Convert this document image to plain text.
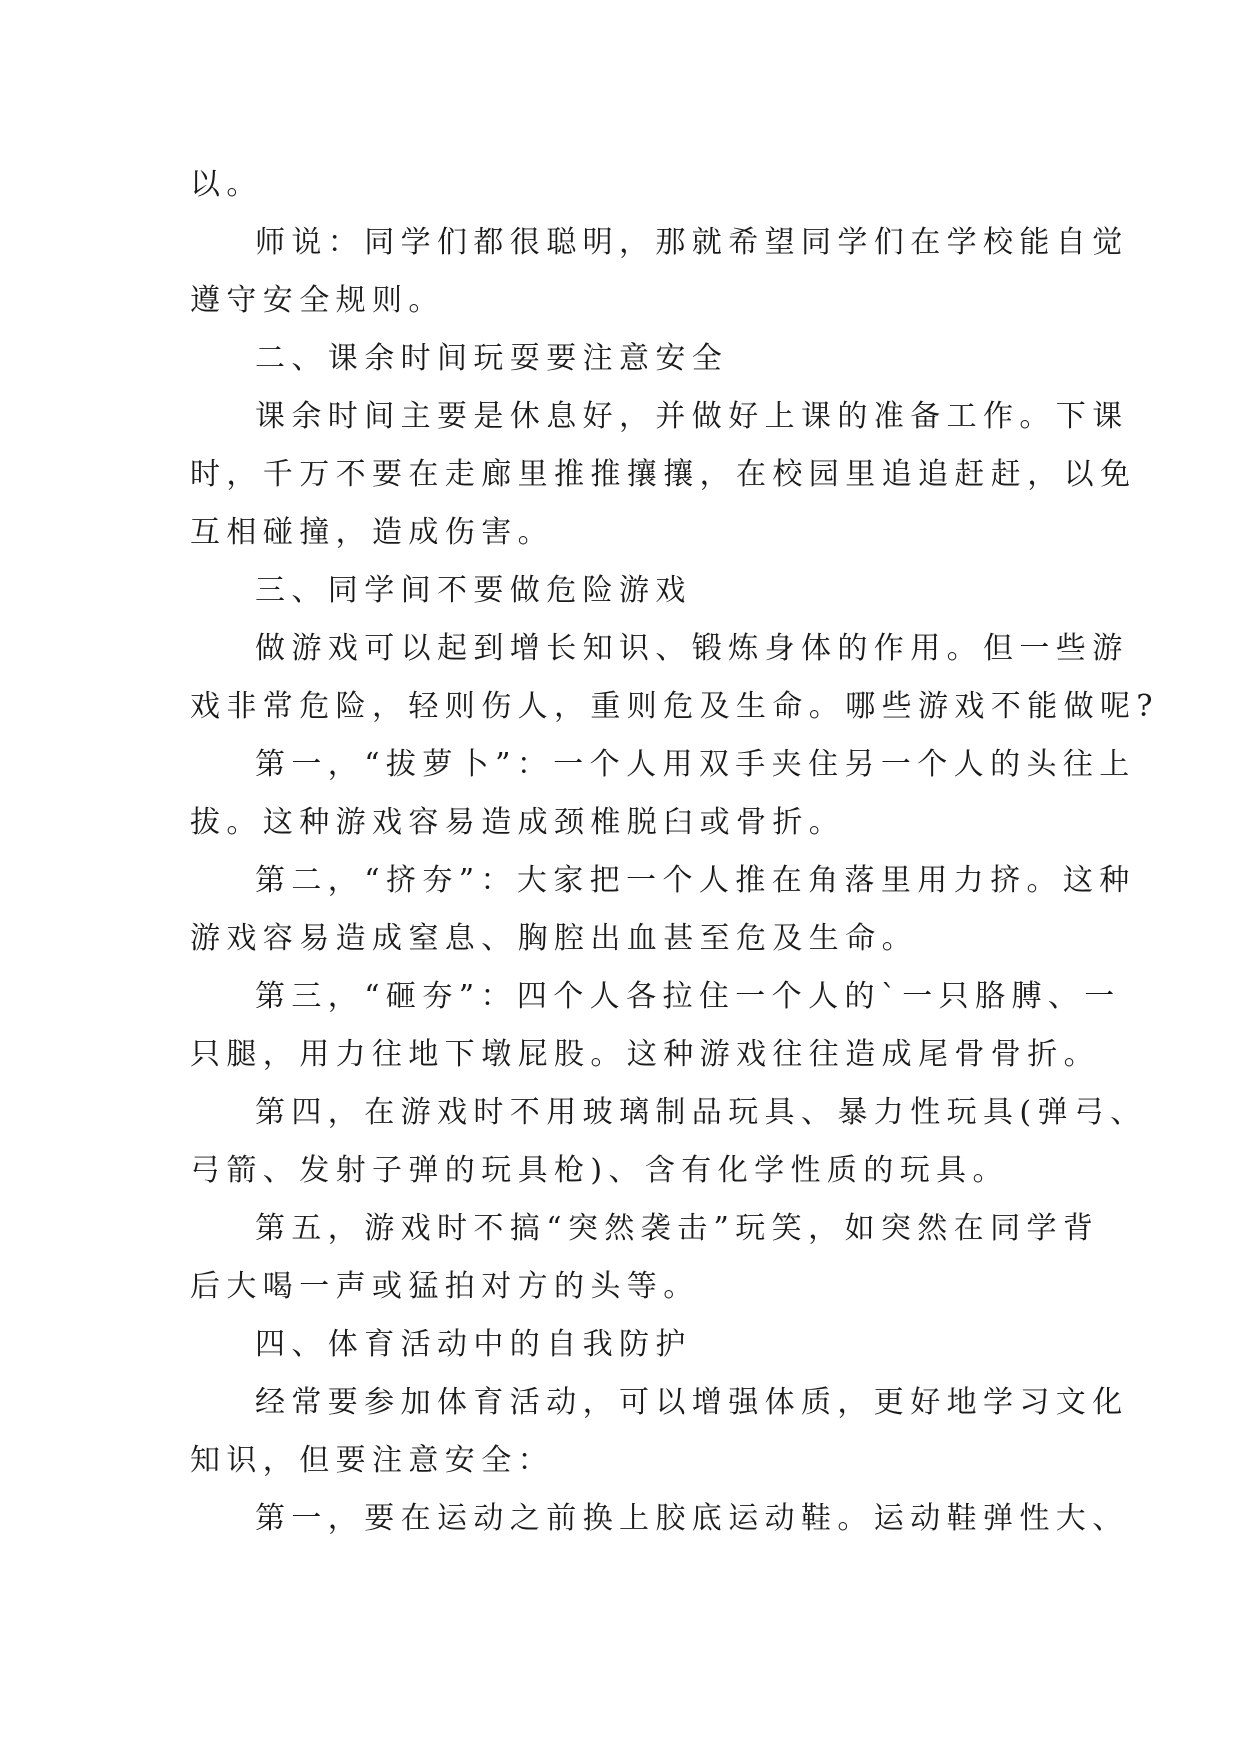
以。
师说：同学们都很聪明，那就希望同学们在学校能自觉
遵守安全规则。
二、课余时间玩耍要注意安全
课余时间主要是休息好，并做好上课的准备工作。下课
时，千万不要在走廊里推推攘攘，在校园里追追赶赶，以免
互相碰撞，造成伤害。
三、同学间不要做危险游戏
做游戏可以起到增长知识、锻炼身体的作用。但一些游
戏非常危险，轻则伤人，重则危及生命。哪些游戏不能做呢?
第一，“拔萝卜”：一个人用双手夹住另一个人的头往上
拔。这种游戏容易造成颈椎脱臼或骨折。
第二，“挤夯”：大家把一个人推在角落里用力挤。这种
游戏容易造成窒息、胸腔出血甚至危及生命。
第三，“砸夯”：四个人各拉住一个人的`一只胳膊、一
只腿，用力往地下墩屁股。这种游戏往往造成尾骨骨折。
第四，在游戏时不用玻璃制品玩具、暴力性玩具(弹弓、
弓箭、发射子弹的玩具枪)、含有化学性质的玩具。
第五，游戏时不搞“突然袭击”玩笑，如突然在同学背
后大喝一声或猛拍对方的头等。
四、体育活动中的自我防护
经常要参加体育活动，可以增强体质，更好地学习文化
知识，但要注意安全：
第一，要在运动之前换上胶底运动鞋。运动鞋弹性大、
